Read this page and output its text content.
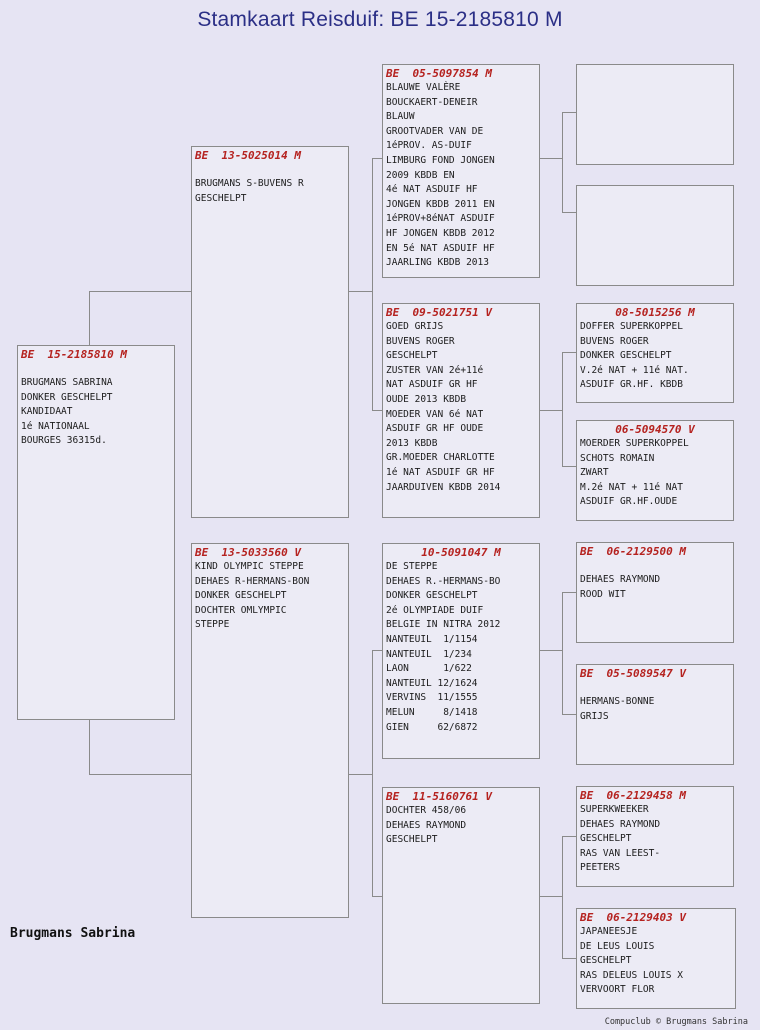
Stamkaart Reisduif: BE 15-2185810 M
BE  15-2185810 M
BRUGMANS SABRINA
DONKER GESCHELPT
KANDIDAAT
1é NATIONAAL
BOURGES 36315d.
BE  13-5025014 M
BRUGMANS S-BUVENS R
GESCHELPT
BE  13-5033560 V
KIND OLYMPIC STEPPE
DEHAES R-HERMANS-BON
DONKER GESCHELPT
DOCHTER OMLYMPIC
STEPPE
BE  05-5097854 M
BLAUWE VALÈRE
BOUCKAERT-DENEIR
BLAUW
GROOTVADER VAN DE
1éPROV. AS-DUIF
LIMBURG FOND JONGEN
2009 KBDB EN
4é NAT ASDUIF HF
JONGEN KBDB 2011 EN
1éPROV+8éNAT ASDUIF
HF JONGEN KBDB 2012
EN 5é NAT ASDUIF HF
JAARLING KBDB 2013
BE  09-5021751 V
GOED GRIJS
BUVENS ROGER
GESCHELPT
ZUSTER VAN 2é+11é
NAT ASDUIF GR HF
OUDE 2013 KBDB
MOEDER VAN 6é NAT
ASDUIF GR HF OUDE
2013 KBDB
GR.MOEDER CHARLOTTE
1é NAT ASDUIF GR HF
JAARDUIVEN KBDB 2014
10-5091047 M
DE STEPPE
DEHAES R.-HERMANS-BO
DONKER GESCHELPT
2é OLYMPIADE DUIF
BELGIE IN NITRA 2012
NANTEUIL  1/1154
NANTEUIL  1/234
LAON      1/622
NANTEUIL 12/1624
VERVINS  11/1555
MELUN     8/1418
GIEN     62/6872
BE  11-5160761 V
DOCHTER 458/06
DEHAES RAYMOND
GESCHELPT
08-5015256 M
DOFFER SUPERKOPPEL
BUVENS ROGER
DONKER GESCHELPT
V.2é NAT + 11é NAT.
ASDUIF GR.HF. KBDB
06-5094570 V
MOERDER SUPERKOPPEL
SCHOTS ROMAIN
ZWART
M.2é NAT + 11é NAT
ASDUIF GR.HF.OUDE
BE  06-2129500 M
DEHAES RAYMOND
ROOD WIT
BE  05-5089547 V
HERMANS-BONNE
GRIJS
BE  06-2129458 M
SUPERKWEEKER
DEHAES RAYMOND
GESCHELPT
RAS VAN LEEST-
PEETERS
BE  06-2129403 V
JAPANEESJE
DE LEUS LOUIS
GESCHELPT
RAS DELEUS LOUIS X
VERVOORT FLOR
Brugmans Sabrina
Compuclub © Brugmans Sabrina
